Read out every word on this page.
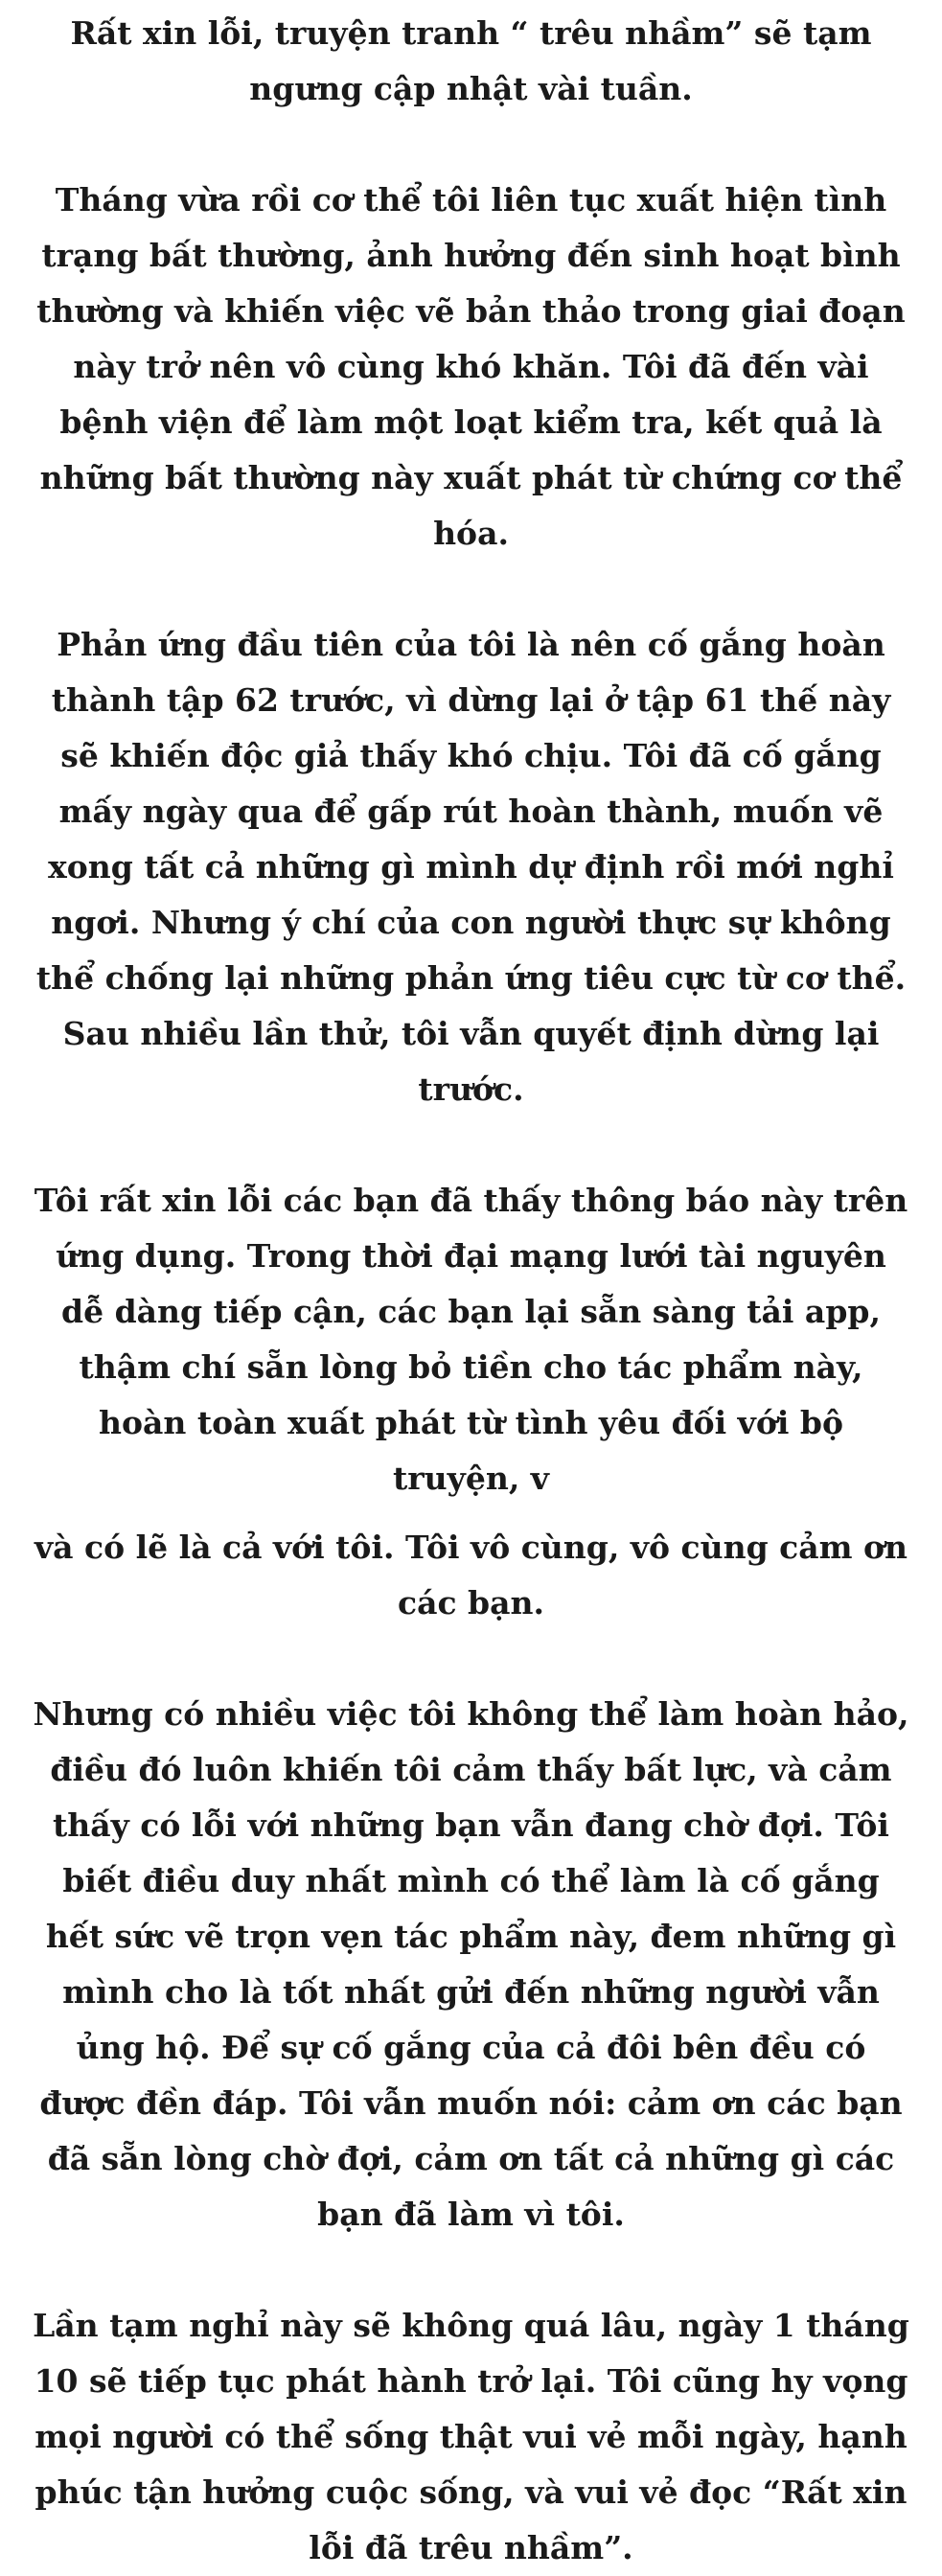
Rất xin lỗi, truyện tranh “ trêu nhầm” sẽ tạm ngưng cập nhật vài tuần.

Tháng vừa rồi cơ thể tôi liên tục xuất hiện tình trạng bất thường, ảnh hưởng đến sinh hoạt bình thường và khiến việc vẽ bản thảo trong giai đoạn này trở nên vô cùng khó khăn. Tôi đã đến vài bệnh viện để làm một loạt kiểm tra, kết quả là những bất thường này xuất phát từ chứng cơ thể hóa.

Phản ứng đầu tiên của tôi là nên cố gắng hoàn thành tập 62 trước, vì dừng lại ở tập 61 thế này sẽ khiến độc giả thấy khó chịu. Tôi đã cố gắng mấy ngày qua để gấp rút hoàn thành, muốn vẽ xong tất cả những gì mình dự định rồi mới nghỉ ngơi. Nhưng ý chí của con người thực sự không thể chống lại những phản ứng tiêu cực từ cơ thể. Sau nhiều lần thử, tôi vẫn quyết định dừng lại trước.

Tôi rất xin lỗi các bạn đã thấy thông báo này trên ứng dụng. Trong thời đại mạng lưới tài nguyên dễ dàng tiếp cận, các bạn lại sẵn sàng tải app, thậm chí sẵn lòng bỏ tiền cho tác phẩm này, hoàn toàn xuất phát từ tình yêu đối với bộ truyện, v

và có lẽ là cả với tôi. Tôi vô cùng, vô cùng cảm ơn các bạn.

Nhưng có nhiều việc tôi không thể làm hoàn hảo, điều đó luôn khiến tôi cảm thấy bất lực, và cảm thấy có lỗi với những bạn vẫn đang chờ đợi. Tôi biết điều duy nhất mình có thể làm là cố gắng hết sức vẽ trọn vẹn tác phẩm này, đem những gì mình cho là tốt nhất gửi đến những người vẫn ủng hộ. Để sự cố gắng của cả đôi bên đều có được đền đáp. Tôi vẫn muốn nói: cảm ơn các bạn đã sẵn lòng chờ đợi, cảm ơn tất cả những gì các bạn đã làm vì tôi.

Lần tạm nghỉ này sẽ không quá lâu, ngày 1 tháng 10 sẽ tiếp tục phát hành trở lại. Tôi cũng hy vọng mọi người có thể sống thật vui vẻ mỗi ngày, hạnh phúc tận hưởng cuộc sống, và vui vẻ đọc “Rất xin lỗi đã trêu nhầm”.
